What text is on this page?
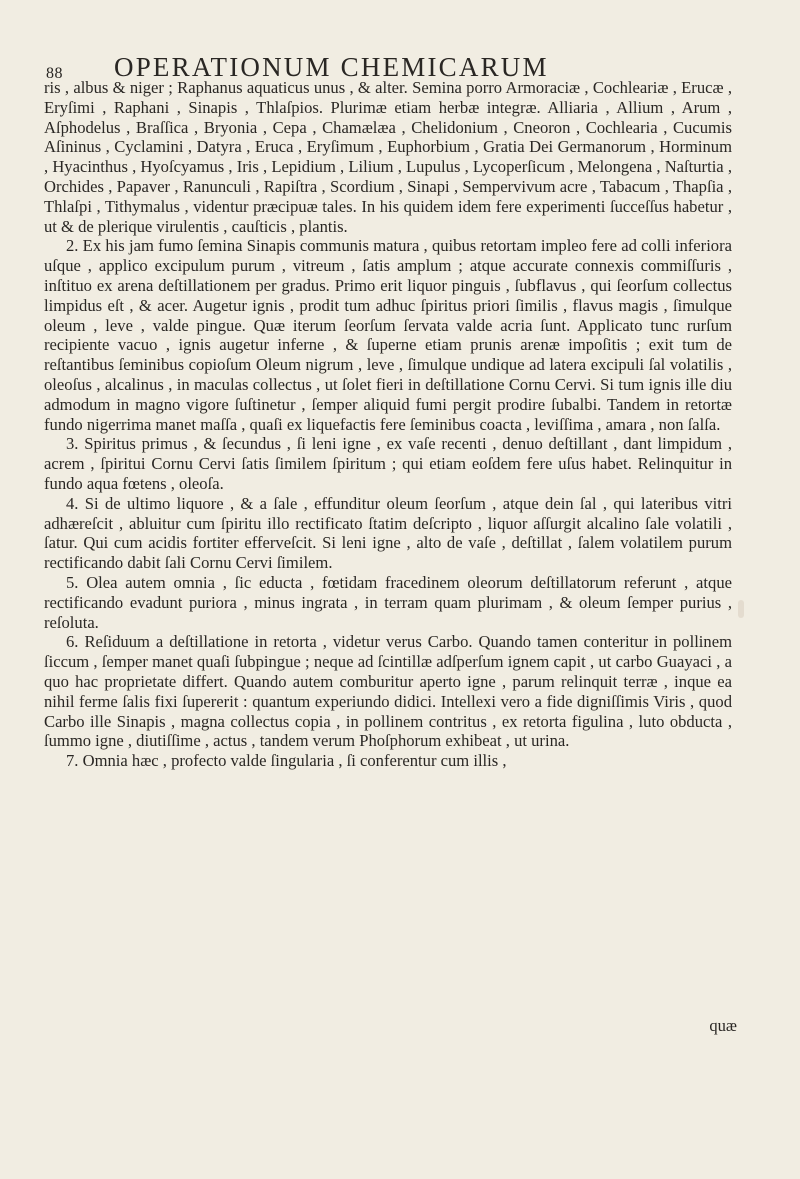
88 OPERATIONUM CHEMICARUM

ris , albus & niger ; Raphanus aquaticus unus , & alter. Semina porro Armoraciæ , Cochleariæ , Erucæ , Eryſimi , Raphani , Sinapis , Thlaſpios. Plurimæ etiam herbæ integræ. Alliaria , Allium , Arum , Aſphodelus , Braſſica , Bryonia , Cepa , Chamælæa , Chelidonium , Cneoron , Cochlearia , Cucumis Aſininus , Cyclamini , Datyra , Eruca , Eryſimum , Euphorbium , Gratia Dei Germanorum , Horminum , Hyacinthus , Hyoſcyamus , Iris , Lepidium , Lilium , Lupulus , Lycoperſicum , Melongena , Naſturtia , Orchides , Papaver , Ranunculi , Rapiſtra , Scordium , Sinapi , Sempervivum acre , Tabacum , Thapſia , Thlaſpi , Tithymalus , videntur præcipuæ tales. In his quidem idem fere experimenti ſucceſſus habetur , ut & de plerique virulentis , cauſticis , plantis.

2. Ex his jam fumo ſemina Sinapis communis matura , quibus retortam impleo fere ad colli inferiora uſque , applico excipulum purum , vitreum , ſatis amplum ; atque accurate connexis commiſſuris , inſtituo ex arena deſtillationem per gradus. Primo erit liquor pinguis , ſubflavus , qui ſeorſum collectus limpidus eſt , & acer. Augetur ignis , prodit tum adhuc ſpiritus priori ſimilis , flavus magis , ſimulque oleum , leve , valde pingue. Quæ iterum ſeorſum ſervata valde acria ſunt. Applicato tunc rurſum recipiente vacuo , ignis augetur inferne , & ſuperne etiam prunis arenæ impoſitis ; exit tum de reſtantibus ſeminibus copioſum Oleum nigrum , leve , ſimulque undique ad latera excipuli ſal volatilis , oleoſus , alcalinus , in maculas collectus , ut ſolet fieri in deſtillatione Cornu Cervi. Si tum ignis ille diu admodum in magno vigore ſuſtinetur , ſemper aliquid fumi pergit prodire ſubalbi. Tandem in retortæ fundo nigerrima manet maſſa , quaſi ex liquefactis fere ſeminibus coacta , leviſſima , amara , non ſalſa.

3. Spiritus primus , & ſecundus , ſi leni igne , ex vaſe recenti , denuo deſtillant , dant limpidum , acrem , ſpiritui Cornu Cervi ſatis ſimilem ſpiritum ; qui etiam eoſdem fere uſus habet. Relinquitur in fundo aqua fœtens , oleoſa.

4. Si de ultimo liquore , & a ſale , effunditur oleum ſeorſum , atque dein ſal , qui lateribus vitri adhæreſcit , abluitur cum ſpiritu illo rectificato ſtatim deſcripto , liquor aſſurgit alcalino ſale volatili , ſatur. Qui cum acidis fortiter efferveſcit. Si leni igne , alto de vaſe , deſtillat , ſalem volatilem purum rectificando dabit ſali Cornu Cervi ſimilem.

5. Olea autem omnia , ſic educta , fœtidam fracedinem oleorum deſtillatorum referunt , atque rectificando evadunt puriora , minus ingrata , in terram quam plurimam , & oleum ſemper purius , reſoluta.

6. Reſiduum a deſtillatione in retorta , videtur verus Carbo. Quando tamen conteritur in pollinem ſiccum , ſemper manet quaſi ſubpingue ; neque ad ſcintillæ adſperſum ignem capit , ut carbo Guayaci , a quo hac proprietate differt. Quando autem comburitur aperto igne , parum relinquit terræ , inque ea nihil ferme ſalis fixi ſupererit : quantum experiundo didici. Intellexi vero a fide digniſſimis Viris , quod Carbo ille Sinapis , magna collectus copia , in pollinem contritus , ex retorta figulina , luto obducta , ſummo igne , diutiſſime , actus , tandem verum Phoſphorum exhibeat , ut urina.

7. Omnia hæc , profecto valde ſingularia , ſi conferentur cum illis ,

quæ
